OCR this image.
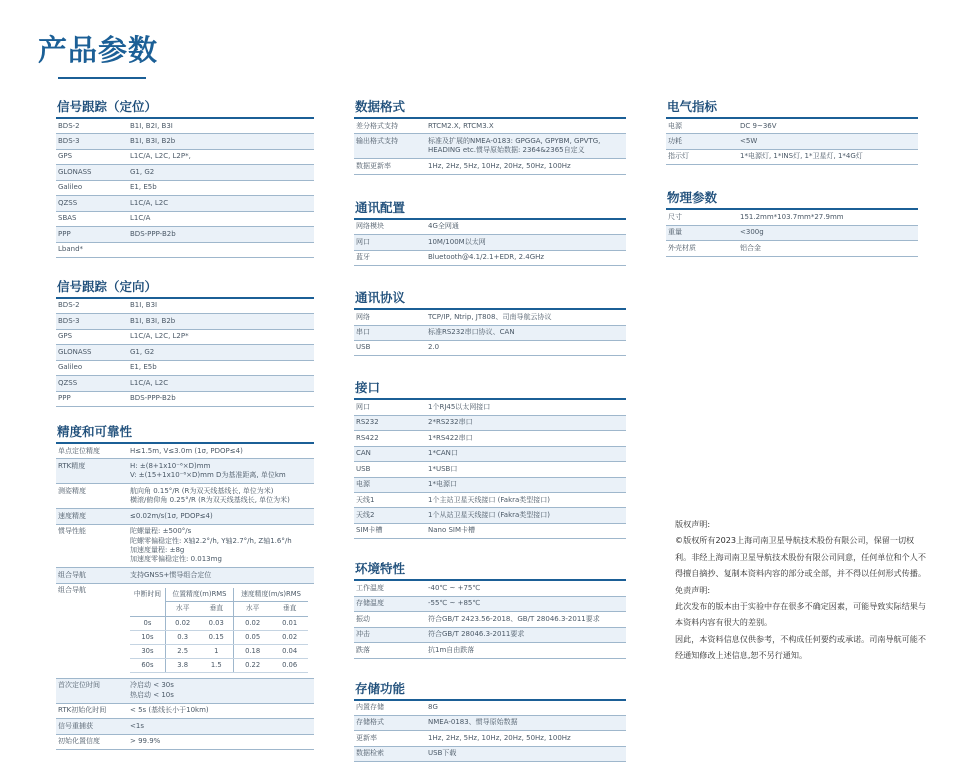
产品参数
信号跟踪（定位）
BDS-2	B1I, B2I, B3I
BDS-3	B1I, B3I, B2b
GPS	L1C/A, L2C, L2P*,
GLONASS	G1, G2
Galileo	E1, E5b
QZSS	L1C/A, L2C
SBAS	L1C/A
PPP	BDS-PPP-B2b
Lband*	
信号跟踪（定向）
BDS-2	B1I, B3I
BDS-3	B1I, B3I, B2b
GPS	L1C/A, L2C, L2P*
GLONASS	G1, G2
Galileo	E1, E5b
QZSS	L1C/A, L2C
PPP	BDS-PPP-B2b
精度和可靠性
单点定位精度	H≤1.5m, V≤3.0m (1σ, PDOP≤4)
RTK精度	H: ±(8+1x10⁻⁶×D)mm
V: ±(15+1x10⁻⁶×D)mm D为基准距离, 单位km

测姿精度	航向角 0.15°/R (R为双天线基线长, 单位为米)
横滚/俯仰角 0.25°/R (R为双天线基线长, 单位为米)

速度精度	≤0.02m/s(1σ, PDOP≤4)
惯导性能	陀螺量程: ±500°/s
陀螺零偏稳定性: X轴2.2°/h, Y轴2.7°/h, Z轴1.6°/h
加速度量程: ±8g
加速度零偏稳定性: 0.013mg

组合导航	支持GNSS+惯导组合定位
组合导航		中断时间	位置精度(m)RMS	速度精度(m/s)RMS
水平	垂直	水平	垂直
0s	0.02	0.03	0.02	0.01
10s	0.3	0.15	0.05	0.02
30s	2.5	1	0.18	0.04
60s	3.8	1.5	0.22	0.06

首次定位时间	冷启动 < 30s
热启动 < 10s

RTK初始化时间	< 5s (基线长小于10km)
信号重捕获	<1s
初始化置信度	> 99.9%
数据格式
差分格式支持	RTCM2.X, RTCM3.X
输出格式支持	标准及扩展的NMEA-0183: GPGGA, GPYBM, GPVTG, HEADING etc.惯导原始数据: 2364&2365自定义
数据更新率	1Hz, 2Hz, 5Hz, 10Hz, 20Hz, 50Hz, 100Hz
通讯配置
网络模块	4G全网通
网口	10M/100M以太网
蓝牙	Bluetooth@4.1/2.1+EDR, 2.4GHz
通讯协议
网络	TCP/IP, Ntrip, JT808、司南导航云协议
串口	标准RS232串口协议、CAN
USB	2.0
接口
网口	1个RJ45以太网接口
RS232	2*RS232串口
RS422	1*RS422串口
CAN	1*CAN口
USB	1*USB口
电源	1*电源口
天线1	1个主站卫星天线接口 (Fakra类型接口)
天线2	1个从站卫星天线接口 (Fakra类型接口)
SIM卡槽	Nano SIM卡槽
环境特性
工作温度	-40℃ ~ +75℃
存储温度	-55℃ ~ +85℃
振动	符合GB/T 2423.56-2018、GB/T 28046.3-2011要求
冲击	符合GB/T 28046.3-2011要求
跌落	抗1m自由跌落
存储功能
内置存储	8G
存储格式	NMEA-0183、惯导原始数据
更新率	1Hz, 2Hz, 5Hz, 10Hz, 20Hz, 50Hz, 100Hz
数据检索	USB下载
电气指标
电源	DC 9~36V
功耗	<5W
指示灯	1*电源灯, 1*INS灯, 1*卫星灯, 1*4G灯
物理参数
尺寸	151.2mm*103.7mm*27.9mm
重量	<300g
外壳材质	铝合金

版权声明:

©版权所有2023上海司南卫星导航技术股份有限公司，保留一切权利。非经上海司南卫星导航技术股份有限公司同意，任何单位和个人不得擅自摘抄、复制本资料内容的部分或全部，并不得以任何形式传播。

免责声明:

此次发布的版本由于实验中存在很多不确定因素，可能导致实际结果与本资料内容有很大的差别。

因此，本资料信息仅供参考，不构成任何要约或承诺。司南导航可能不经通知修改上述信息,恕不另行通知。
